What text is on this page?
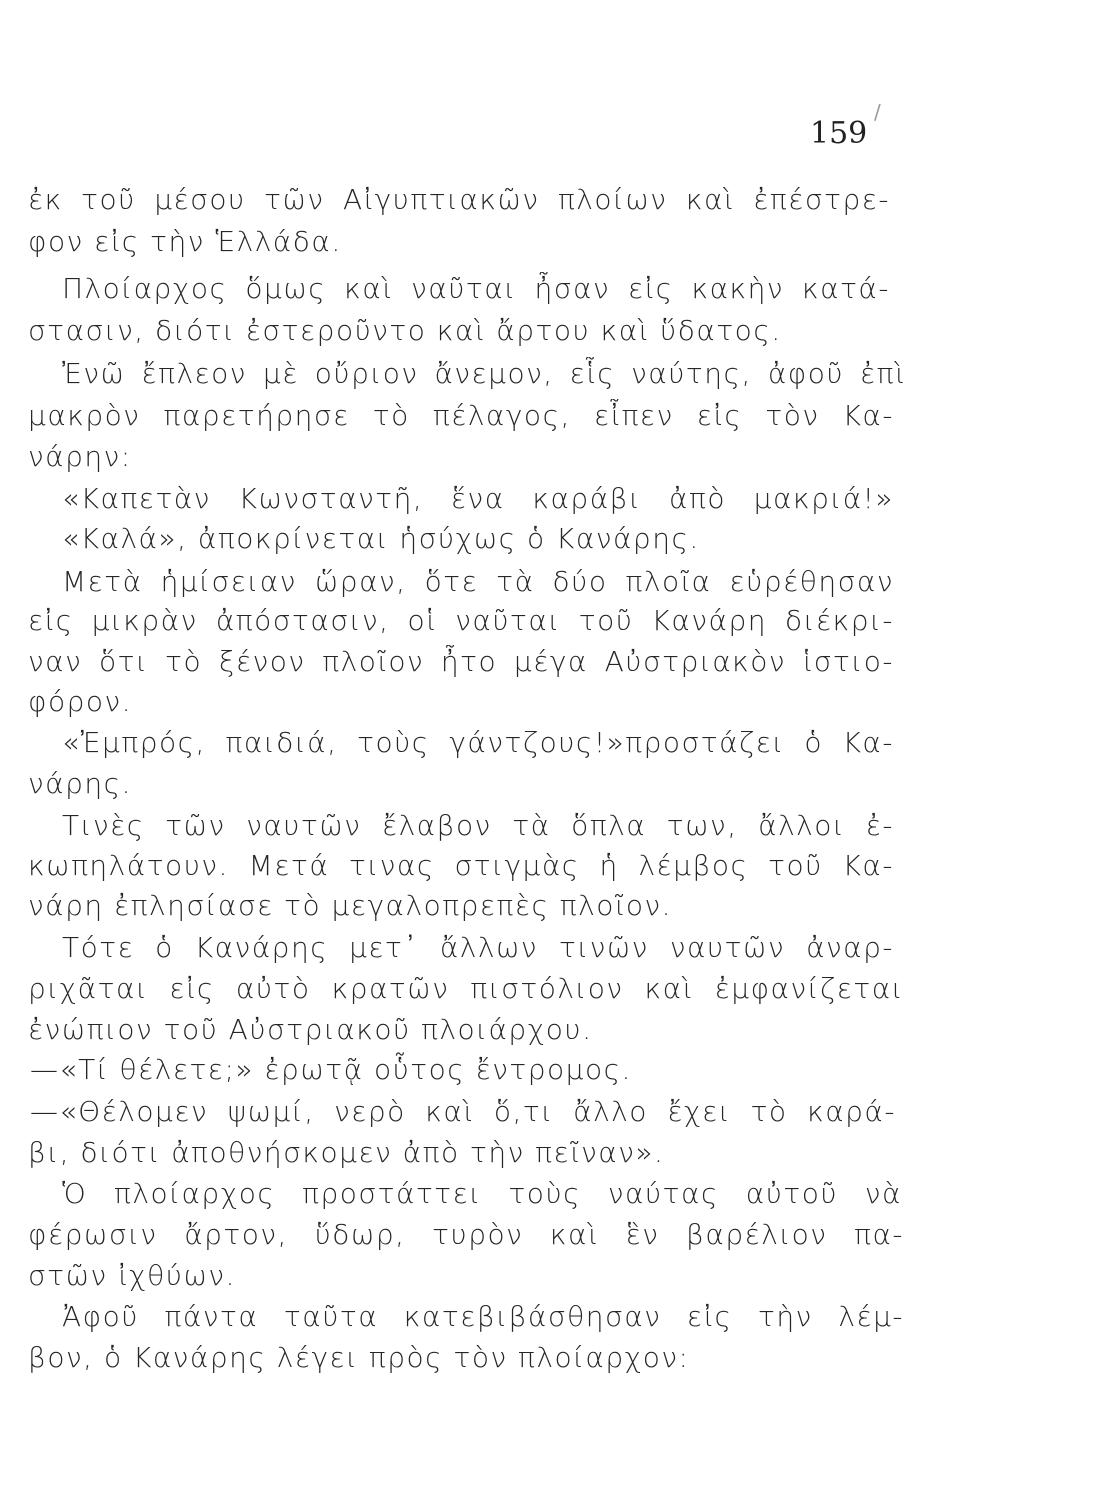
159
/
ἐκ τοῦ μέσου τῶν Αἰγυπτιακῶν πλοίων καὶ ἐπέστρε-
φον εἰς τὴν Ἑλλάδα.
Πλοίαρχος ὅμως καὶ ναῦται ἦσαν εἰς κακὴν κατά-
στασιν, διότι ἐστεροῦντο καὶ ἄρτου καὶ ὕδατος.
Ἐνῶ ἔπλεον μὲ οὔριον ἄνεμον, εἷς ναύτης, ἀφοῦ ἐπὶ
μακρὸν παρετήρησε τὸ πέλαγος, εἶπεν εἰς τὸν Κα-
νάρην:
«Καπετὰν Κωνσταντῆ, ἕνα καράβι ἀπὸ μακριά!»
«Καλά», ἀποκρίνεται ἡσύχως ὁ Κανάρης.
Μετὰ ἡμίσειαν ὥραν, ὅτε τὰ δύο πλοῖα εὑρέθησαν
εἰς μικρὰν ἀπόστασιν, οἱ ναῦται τοῦ Κανάρη διέκρι-
ναν ὅτι τὸ ξένον πλοῖον ἦτο μέγα Αὐστριακὸν ἱστιο-
φόρον.
«Ἐμπρός, παιδιά, τοὺς γάντζους!»προστάζει ὁ Κα-
νάρης.
Τινὲς τῶν ναυτῶν ἔλαβον τὰ ὅπλα των, ἄλλοι ἐ-
κωπηλάτουν. Μετά τινας στιγμὰς ἡ λέμβος τοῦ Κα-
νάρη ἐπλησίασε τὸ μεγαλοπρεπὲς πλοῖον.
Τότε ὁ Κανάρης μετ᾽ ἄλλων τινῶν ναυτῶν ἀναρ-
ριχᾶται εἰς αὐτὸ κρατῶν πιστόλιον καὶ ἐμφανίζεται
ἐνώπιον τοῦ Αὐστριακοῦ πλοιάρχου.
—«Τί θέλετε;» ἐρωτᾷ οὗτος ἔντρομος.
—«Θέλομεν ψωμί, νερὸ καὶ ὅ,τι ἄλλο ἔχει τὸ καρά-
βι, διότι ἀποθνήσκομεν ἀπὸ τὴν πεῖναν».
Ὁ πλοίαρχος προστάττει τοὺς ναύτας αὐτοῦ νὰ
φέρωσιν ἄρτον, ὕδωρ, τυρὸν καὶ ἓν βαρέλιον πα-
στῶν ἰχθύων.
Ἀφοῦ πάντα ταῦτα κατεβιβάσθησαν εἰς τὴν λέμ-
βον, ὁ Κανάρης λέγει πρὸς τὸν πλοίαρχον:
